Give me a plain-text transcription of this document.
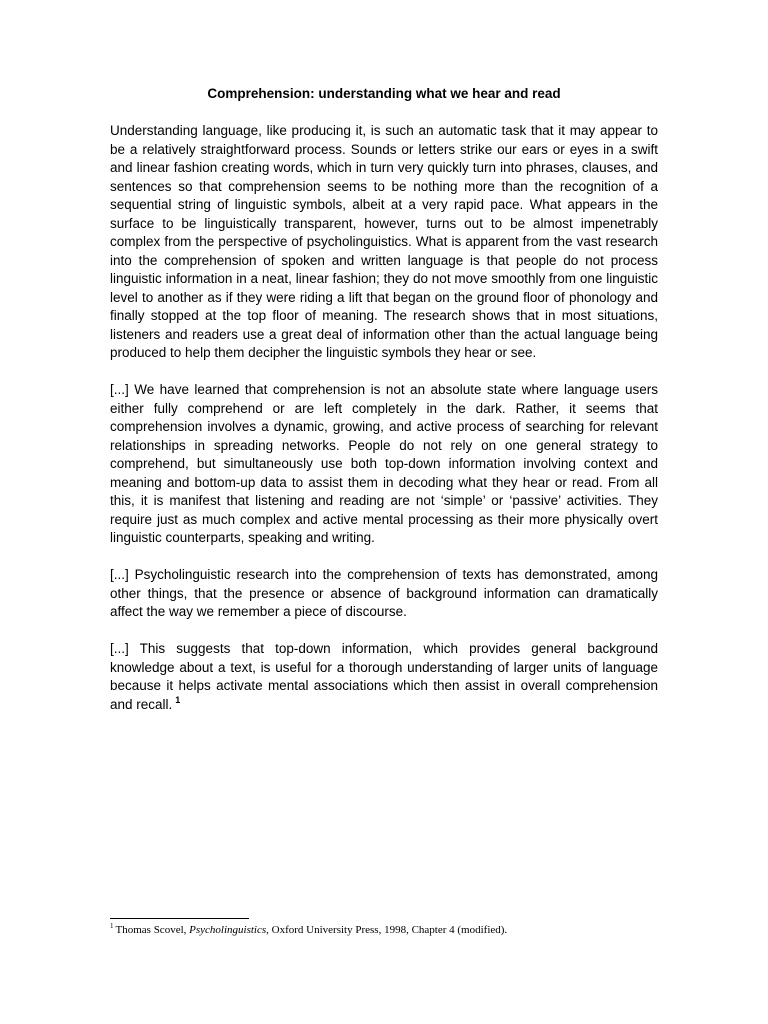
Comprehension: understanding what we hear and read

Understanding language, like producing it, is such an automatic task that it may appear to be a relatively straightforward process. Sounds or letters strike our ears or eyes in a swift and linear fashion creating words, which in turn very quickly turn into phrases, clauses, and sentences so that comprehension seems to be nothing more than the recognition of a sequential string of linguistic symbols, albeit at a very rapid pace. What appears in the surface to be linguistically transparent, however, turns out to be almost impenetrably complex from the perspective of psycholinguistics. What is apparent from the vast research into the comprehension of spoken and written language is that people do not process linguistic information in a neat, linear fashion; they do not move smoothly from one linguistic level to another as if they were riding a lift that began on the ground floor of phonology and finally stopped at the top floor of meaning. The research shows that in most situations, listeners and readers use a great deal of information other than the actual language being produced to help them decipher the linguistic symbols they hear or see.

[...] We have learned that comprehension is not an absolute state where language users either fully comprehend or are left completely in the dark. Rather, it seems that comprehension involves a dynamic, growing, and active process of searching for relevant relationships in spreading networks. People do not rely on one general strategy to comprehend, but simultaneously use both top-down information involving context and meaning and bottom-up data to assist them in decoding what they hear or read. From all this, it is manifest that listening and reading are not ‘simple’ or ‘passive’ activities. They require just as much complex and active mental processing as their more physically overt linguistic counterparts, speaking and writing.

[...] Psycholinguistic research into the comprehension of texts has demonstrated, among other things, that the presence or absence of background information can dramatically affect the way we remember a piece of discourse.

[...] This suggests that top-down information, which provides general background knowledge about a text, is useful for a thorough understanding of larger units of language because it helps activate mental associations which then assist in overall comprehension and recall. $^1$

$^1$ Thomas Scovel, Psycholinguistics, Oxford University Press, 1998, Chapter 4 (modified).
